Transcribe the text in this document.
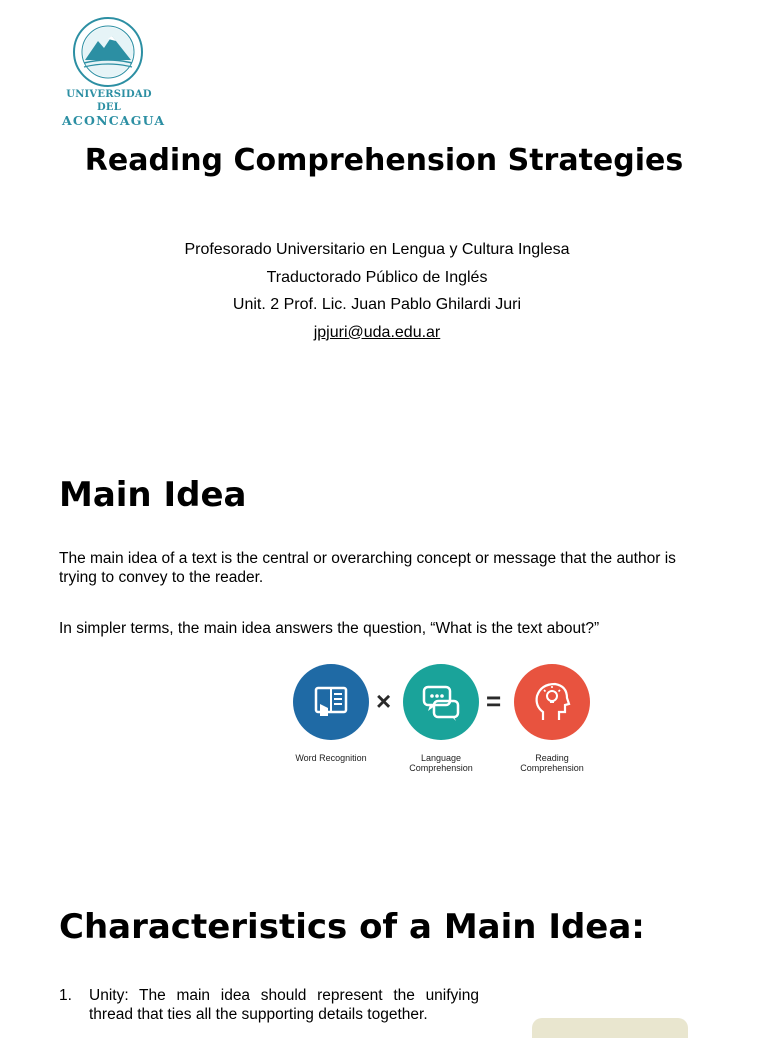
UNIVERSIDAD DEL
ACONCAGUA
Reading Comprehension Strategies
Profesorado Universitario en Lengua y Cultura Inglesa
Traductorado Público de Inglés
Unit. 2 Prof. Lic. Juan Pablo Ghilardi Juri
jpjuri@uda.edu.ar
Main Idea

The main idea of a text is the central or overarching concept or message that the author is trying to convey to the reader.

In simpler terms, the main idea answers the question, “What is the text about?”

Word Recognition
×
Language Comprehension
=
Reading Comprehension
Characteristics of a Main Idea:
1.	Unity: The main idea should represent the unifying thread that ties all the supporting details together.
